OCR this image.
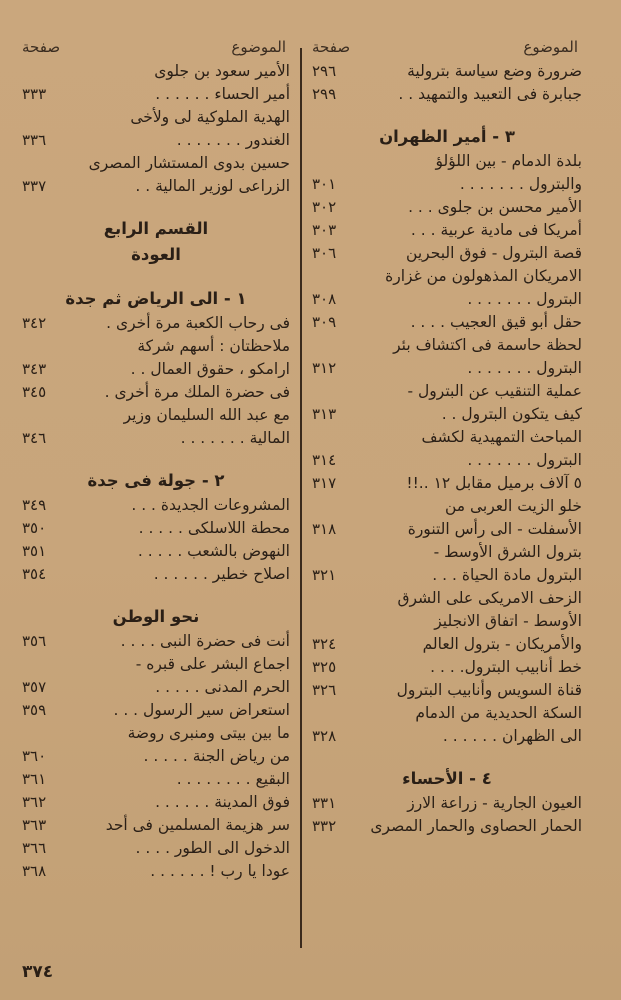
الموضوع
صفحة
ضرورة وضع سياسة بترولية
٢٩٦
جبابرة فى التعبيد والتمهيد . .
٢٩٩
٣ - أمير الظهران
بلدة الدمام - بين اللؤلؤ
والبترول . . . . . . .
٣٠١
الأمير محسن بن جلوى . . .
٣٠٢
أمريكا فى مادية عربية . . .
٣٠٣
قصة البترول - فوق البحرين
٣٠٦
الامريكان المذهولون من غزارة
البترول . . . . . . .
٣٠٨
حقل أبو قيق العجيب . . . .
٣٠٩
لحظة حاسمة فى اكتشاف بئر
البترول . . . . . . .
٣١٢
عملية التنقيب عن البترول -
كيف يتكون البترول . .
٣١٣
المباحث التمهيدية لكشف
البترول . . . . . . .
٣١٤
٥ آلاف برميل مقابل ١٢ ..!!
٣١٧
خلو الزيت العربى من
الأسفلت - الى رأس التنورة
٣١٨
بترول الشرق الأوسط -
البترول مادة الحياة . . .
٣٢١
الزحف الامريكى على الشرق
الأوسط - اتفاق الانجليز
والأمريكان - بترول العالم
٣٢٤
خط أنابيب البترول. . . .
٣٢٥
قناة السويس وأنابيب البترول
٣٢٦
السكة الحديدية من الدمام
الى الظهران . . . . . .
٣٢٨
٤ - الأحساء
العيون الجارية - زراعة الارز
٣٣١
الحمار الحصاوى والحمار المصرى
٣٣٢
الموضوع
صفحة
الأمير سعود بن جلوى
أمير الحساء . . . . . .
٣٣٣
الهدية الملوكية لى ولأخى
الغندور . . . . . . .
٣٣٦
حسين بدوى المستشار المصرى
الزراعى لوزير المالية . .
٣٣٧
القسم الرابع
العودة
١ - الى الرياض ثم جدة
فى رحاب الكعبة مرة أخرى .
٣٤٢
ملاحظتان : أسهم شركة
ارامكو ، حقوق العمال . .
٣٤٣
فى حضرة الملك مرة أخرى .
٣٤٥
مع عبد الله السليمان وزير
المالية . . . . . . .
٣٤٦
٢ - جولة فى جدة
المشروعات الجديدة . . .
٣٤٩
محطة اللاسلكى . . . . .
٣٥٠
النهوض بالشعب . . . . .
٣٥١
اصلاح خطير . . . . . .
٣٥٤
نحو الوطن
أنت فى حضرة النبى . . . .
٣٥٦
اجماع البشر على قبره -
الحرم المدنى . . . . .
٣٥٧
استعراض سير الرسول . . .
٣٥٩
ما بين بيتى ومنبرى روضة
من رياض الجنة . . . . .
٣٦٠
البقيع . . . . . . . .
٣٦١
فوق المدينة . . . . . .
٣٦٢
سر هزيمة المسلمين فى أحد
٣٦٣
الدخول الى الطور . . . .
٣٦٦
عودا يا رب ! . . . . . .
٣٦٨
٣٧٤
